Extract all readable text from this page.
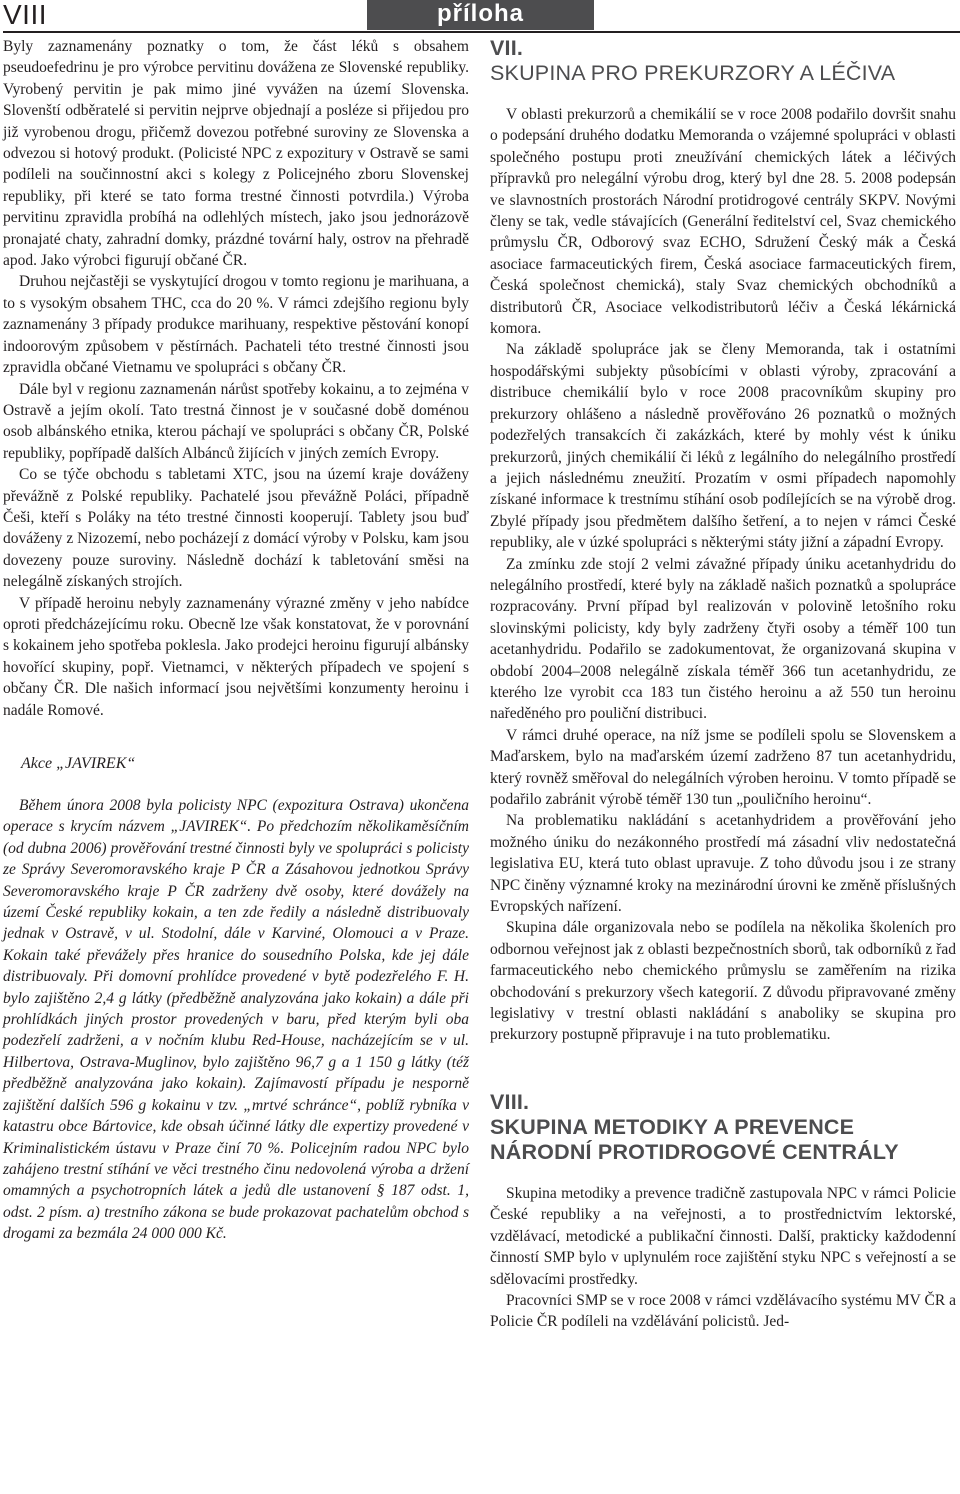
VIII	příloha

Byly zaznamenány poznatky o tom, že část léků s obsahem pseudoefedrinu je pro výrobce pervitinu dovážena ze Slovenské republiky. Vyrobený pervitin je pak mimo jiné vyvážen na území Slovenska. Slovenští odběratelé si pervitin nejprve objednají a posléze si přijedou pro již vyrobenou drogu, přičemž dovezou potřebné suroviny ze Slovenska a odvezou si hotový produkt. (Policisté NPC z expozitury v Ostravě se sami podíleli na součinnostní akci s kolegy z Policejného zboru Slovenskej republiky, při které se tato forma trestné činnosti potvrdila.) Výroba pervitinu zpravidla probíhá na odlehlých místech, jako jsou jednorázově pronajaté chaty, zahradní domky, prázdné tovární haly, ostrov na přehradě apod. Jako výrobci figurují občané ČR.

Druhou nejčastěji se vyskytující drogou v tomto regionu je marihuana, a to s vysokým obsahem THC, cca do 20 %. V rámci zdejšího regionu byly zaznamenány 3 případy produkce marihuany, respektive pěstování konopí indoorovým způsobem v pěstírnách. Pachateli této trestné činnosti jsou zpravidla občané Vietnamu ve spolupráci s občany ČR.

Dále byl v regionu zaznamenán nárůst spotřeby kokainu, a to zejména v Ostravě a jejím okolí. Tato trestná činnost je v současné době doménou osob albánského etnika, kterou páchají ve spolupráci s občany ČR, Polské republiky, popřípadě dalších Albánců žijících v jiných zemích Evropy.

Co se týče obchodu s tabletami XTC, jsou na území kraje dováženy převážně z Polské republiky. Pachatelé jsou převážně Poláci, případně Češi, kteří s Poláky na této trestné činnosti kooperují. Tablety jsou buď dováženy z Nizozemí, nebo pocházejí z domácí výroby v Polsku, kam jsou dovezeny pouze suroviny. Následně dochází k tabletování směsi na nelegálně získaných strojích.

V případě heroinu nebyly zaznamenány výrazné změny v jeho nabídce oproti předcházejícímu roku. Obecně lze však konstatovat, že v porovnání s kokainem jeho spotřeba poklesla. Jako prodejci heroinu figurují albánsky hovořící skupiny, popř. Vietnamci, v některých případech ve spojení s občany ČR. Dle našich informací jsou největšími konzumenty heroinu i nadále Romové.

Akce „JAVIREK“

Během února 2008 byla policisty NPC (expozitura Ostrava) ukončena operace s krycím názvem „JAVIREK“. Po předchozím několikaměsíčním (od dubna 2006) prověřování trestné činnosti byly ve spolupráci s policisty ze Správy Severomoravského kraje P ČR a Zásahovou jednotkou Správy Severomoravského kraje P ČR zadrženy dvě osoby, které dovážely na území České republiky kokain, a ten zde ředily a následně distribuovaly jednak v Ostravě, v ul. Stodolní, dále v Karviné, Olomouci a v Praze. Kokain také převážely přes hranice do sousedního Polska, kde jej dále distribuovaly. Při domovní prohlídce provedené v bytě podezřelého F. H. bylo zajištěno 2,4 g látky (předběžně analyzována jako kokain) a dále při prohlídkách jiných prostor provedených v baru, před kterým byli oba podezřelí zadrženi, a v nočním klubu Red-House, nacházejícím se v ul. Hilbertova, Ostrava-Muglinov, bylo zajištěno 96,7 g a 1 150 g látky (též předběžně analyzována jako kokain). Zajímavostí případu je nesporně zajištění dalších 596 g kokainu v tzv. „mrtvé schránce“, poblíž rybníka v katastru obce Bártovice, kde obsah účinné látky dle expertizy provedené v Kriminalistickém ústavu v Praze činí 70 %. Policejním radou NPC bylo zahájeno trestní stíhání ve věci trestného činu nedovolená výroba a držení omamných a psychotropních látek a jedů dle ustanovení § 187 odst. 1, odst. 2 písm. a) trestního zákona se bude prokazovat pachatelům obchod s drogami za bezmála 24 000 000 Kč.

VII.
SKUPINA PRO PREKURZORY A LÉČIVA

V oblasti prekurzorů a chemikálií se v roce 2008 podařilo dovršit snahu o podepsání druhého dodatku Memoranda o vzájemné spolupráci v oblasti společného postupu proti zneužívání chemických látek a léčivých přípravků pro nelegální výrobu drog, který byl dne 28. 5. 2008 podepsán ve slavnostních prostorách Národní protidrogové centrály SKPV. Novými členy se tak, vedle stávajících (Generální ředitelství cel, Svaz chemického průmyslu ČR, Odborový svaz ECHO, Sdružení Český mák a Česká asociace farmaceutických firem, Česká asociace farmaceutických firem, Česká společnost chemická), staly Svaz chemických obchodníků a distributorů ČR, Asociace velkodistributorů léčiv a Česká lékárnická komora.

Na základě spolupráce jak se členy Memoranda, tak i ostatními hospodářskými subjekty působícími v oblasti výroby, zpracování a distribuce chemikálií bylo v roce 2008 pracovníkům skupiny pro prekurzory ohlášeno a následně prověřováno 26 poznatků o možných podezřelých transakcích či zakázkách, které by mohly vést k úniku prekurzorů, jiných chemikálií či léků z legálního do nelegálního prostředí a jejich následnému zneužití. Prozatím v osmi případech napomohly získané informace k trestnímu stíhání osob podílejících se na výrobě drog. Zbylé případy jsou předmětem dalšího šetření, a to nejen v rámci České republiky, ale v úzké spolupráci s některými státy jižní a západní Evropy.

Za zmínku zde stojí 2 velmi závažné případy úniku acetanhydridu do nelegálního prostředí, které byly na základě našich poznatků a spolupráce rozpracovány. První případ byl realizován v polovině letošního roku slovinskými policisty, kdy byly zadrženy čtyři osoby a téměř 100 tun acetanhydridu. Podařilo se zadokumentovat, že organizovaná skupina v období 2004–2008 nelegálně získala téměř 366 tun acetanhydridu, ze kterého lze vyrobit cca 183 tun čistého heroinu a až 550 tun heroinu naředěného pro pouliční distribuci.

V rámci druhé operace, na níž jsme se podíleli spolu se Slovenskem a Maďarskem, bylo na maďarském území zadrženo 87 tun acetanhydridu, který rovněž směřoval do nelegálních výroben heroinu. V tomto případě se podařilo zabránit výrobě téměř 130 tun „pouličního heroinu“.

Na problematiku nakládání s acetanhydridem a prověřování jeho možného úniku do nezákonného prostředí má zásadní vliv nedostatečná legislativa EU, která tuto oblast upravuje. Z toho důvodu jsou i ze strany NPC činěny významné kroky na mezinárodní úrovni ke změně příslušných Evropských nařízení.

Skupina dále organizovala nebo se podílela na několika školeních pro odbornou veřejnost jak z oblasti bezpečnostních sborů, tak odborníků z řad farmaceutického nebo chemického průmyslu se zaměřením na rizika obchodování s prekurzory všech kategorií. Z důvodu připravované změny legislativy v trestní oblasti nakládání s anaboliky se skupina pro prekurzory postupně připravuje i na tuto problematiku.

VIII.
SKUPINA METODIKY A PREVENCE
NÁRODNÍ PROTIDROGOVÉ CENTRÁLY

Skupina metodiky a prevence tradičně zastupovala NPC v rámci Policie České republiky a na veřejnosti, a to prostřednictvím lektorské, vzdělávací, metodické a publikační činnosti. Další, prakticky každodenní činností SMP bylo v uplynulém roce zajištění styku NPC s veřejností a se sdělovacími prostředky.

Pracovníci SMP se v roce 2008 v rámci vzdělávacího systému MV ČR a Policie ČR podíleli na vzdělávání policistů. Jed-
